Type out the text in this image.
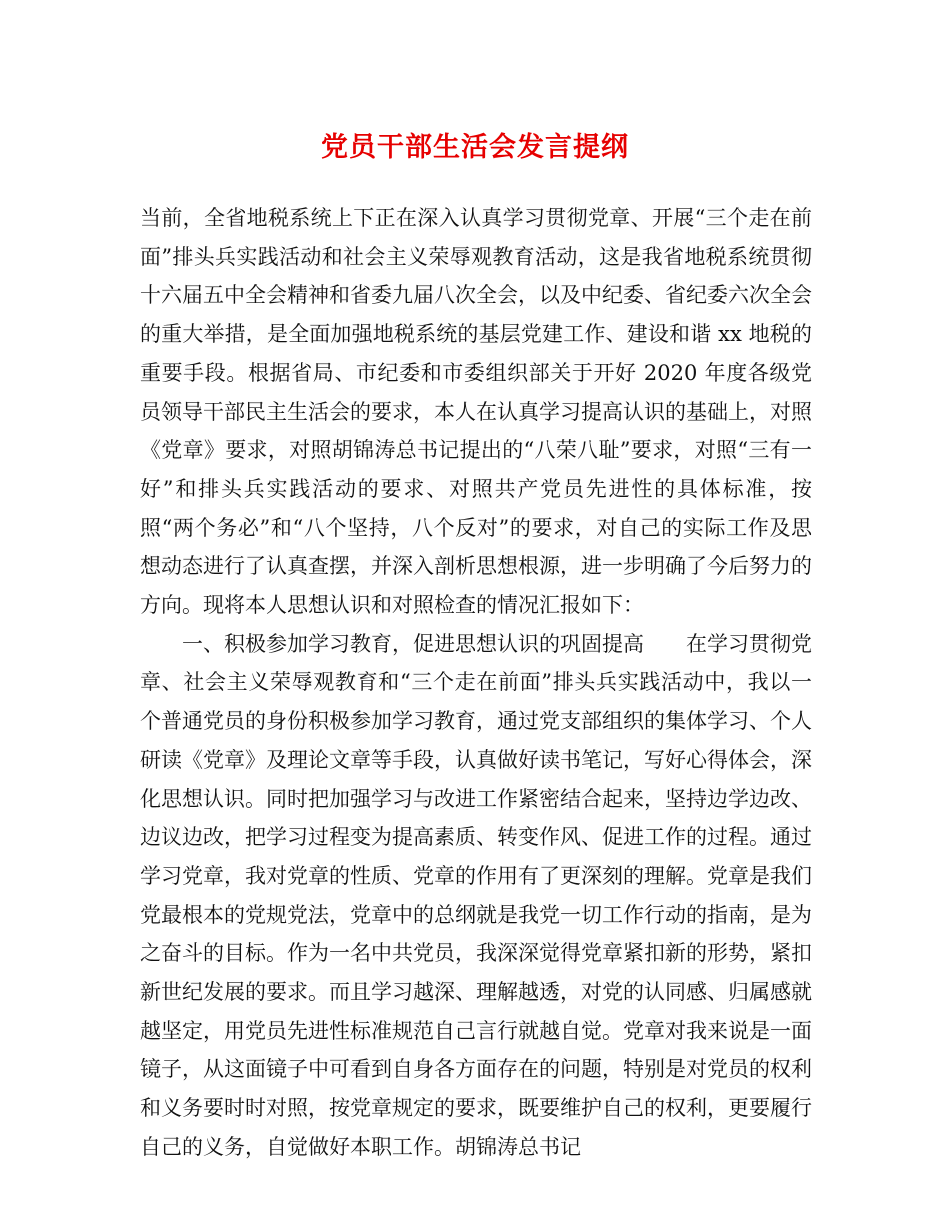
党员干部生活会发言提纲

当前，全省地税系统上下正在深入认真学习贯彻党章、开展“三个走在前面”排头兵实践活动和社会主义荣辱观教育活动，这是我省地税系统贯彻十六届五中全会精神和省委九届八次全会，以及中纪委、省纪委六次全会的重大举措，是全面加强地税系统的基层党建工作、建设和谐 xx 地税的重要手段。根据省局、市纪委和市委组织部关于开好 2020 年度各级党员领导干部民主生活会的要求，本人在认真学习提高认识的基础上，对照《党章》要求，对照胡锦涛总书记提出的“八荣八耻”要求，对照“三有一好”和排头兵实践活动的要求、对照共产党员先进性的具体标准，按照“两个务必”和“八个坚持，八个反对”的要求，对自己的实际工作及思想动态进行了认真查摆，并深入剖析思想根源，进一步明确了今后努力的方向。现将本人思想认识和对照检查的情况汇报如下：

一、积极参加学习教育，促进思想认识的巩固提高　　在学习贯彻党章、社会主义荣辱观教育和“三个走在前面”排头兵实践活动中，我以一个普通党员的身份积极参加学习教育，通过党支部组织的集体学习、个人研读《党章》及理论文章等手段，认真做好读书笔记，写好心得体会，深化思想认识。同时把加强学习与改进工作紧密结合起来，坚持边学边改、边议边改，把学习过程变为提高素质、转变作风、促进工作的过程。通过学习党章，我对党章的性质、党章的作用有了更深刻的理解。党章是我们党最根本的党规党法，党章中的总纲就是我党一切工作行动的指南，是为之奋斗的目标。作为一名中共党员，我深深觉得党章紧扣新的形势，紧扣新世纪发展的要求。而且学习越深、理解越透，对党的认同感、归属感就越坚定，用党员先进性标准规范自己言行就越自觉。党章对我来说是一面镜子，从这面镜子中可看到自身各方面存在的问题，特别是对党员的权利和义务要时时对照，按党章规定的要求，既要维护自己的权利，更要履行自己的义务，自觉做好本职工作。胡锦涛总书记
